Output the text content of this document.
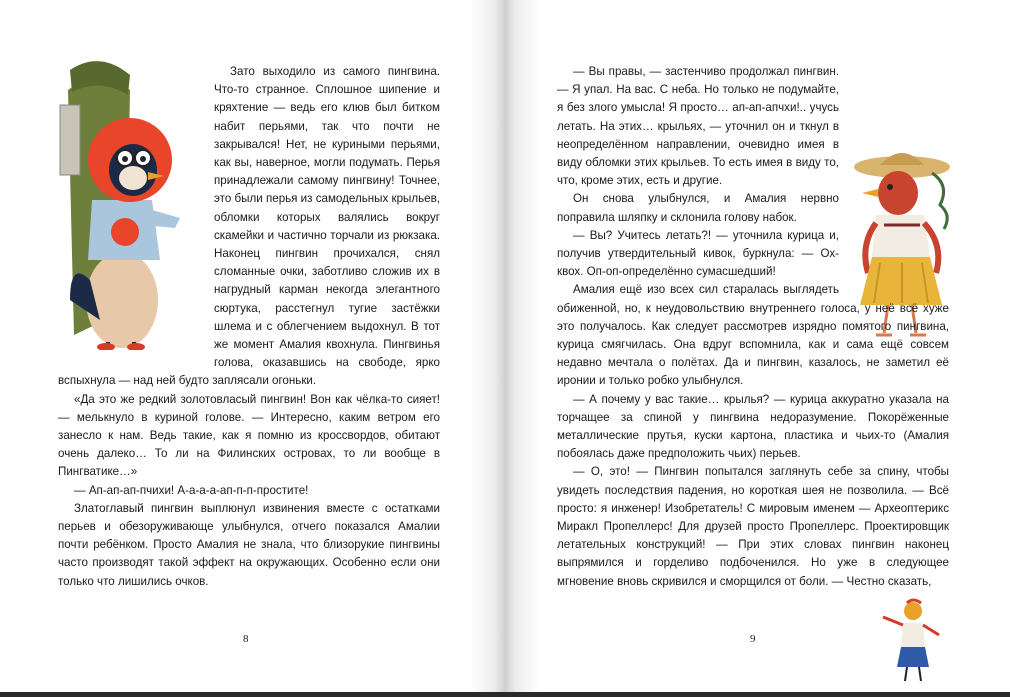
Зато выходило из самого пингвина. Что-то странное. Сплошное шипение и кряхтение — ведь его клюв был битком набит перьями, так что почти не закрывался! Нет, не куриными перьями, как вы, наверное, могли подумать. Перья принадлежали самому пингвину! Точнее, это были перья из самодельных крыльев, обломки которых валялись вокруг скамейки и частично торчали из рюкзака. Наконец пингвин прочихался, снял сломанные очки, заботливо сложив их в нагрудный карман некогда элегантного сюртука, расстегнул тугие застёжки шлема и с облегчением выдохнул. В тот же момент Амалия квохнула. Пингвинья голова, оказавшись на свободе, ярко вспыхнула — над ней будто заплясали огоньки.

«Да это же редкий золотовласый пингвин! Вон как чёлка-то сияет! — мелькнуло в куриной голове. — Интересно, каким ветром его занесло к нам. Ведь такие, как я помню из кроссвордов, обитают очень далеко… То ли на Филинских островах, то ли вообще в Пингватике…»

— Ап-ап-ап-пчихи! А-а-а-а-ап-п-п-простите!

Златоглавый пингвин выплюнул извинения вместе с остатками перьев и обезоруживающе улыбнулся, отчего показался Амалии почти ребёнком. Просто Амалия не знала, что близорукие пингвины часто производят такой эффект на окружающих. Особенно если они только что лишились очков.

8

— Вы правы, — застенчиво продолжал пингвин. — Я упал. На вас. С неба. Но только не подумайте, я без злого умысла! Я просто… ап-ап-апчхи!.. учусь летать. На этих… крыльях, — уточнил он и ткнул в неопределённом направлении, очевидно имея в виду обломки этих крыльев. То есть имея в виду то, что, кроме этих, есть и другие.

Он снова улыбнулся, и Амалия нервно поправила шляпку и склонила голову набок.

— Вы? Учитесь летать?! — уточнила курица и, получив утвердительный кивок, буркнула: — Ох-квох. Оп-оп-определённо сумасшедший!

Амалия ещё изо всех сил старалась выглядеть обиженной, но, к неудовольствию внутреннего голоса, у неё всё хуже это получалось. Как следует рассмотрев изрядно помятого пингвина, курица смягчилась. Она вдруг вспомнила, как и сама ещё совсем недавно мечтала о полётах. Да и пингвин, казалось, не заметил её иронии и только робко улыбнулся.

— А почему у вас такие… крылья? — курица аккуратно указала на торчащее за спиной у пингвина недоразумение. Покорёженные металлические прутья, куски картона, пластика и чьих-то (Амалия побоялась даже предположить чьих) перьев.

— О, это! — Пингвин попытался заглянуть себе за спину, чтобы увидеть последствия падения, но короткая шея не позволила. — Всё просто: я инженер! Изобретатель! С мировым именем — Археоптерикс Миракл Пропеллерс! Для друзей просто Пропеллерс. Проектировщик летательных конструкций! — При этих словах пингвин наконец выпрямился и горделиво подбоченился. Но уже в следующее мгновение вновь скривился и сморщился от боли. — Честно сказать,

9
